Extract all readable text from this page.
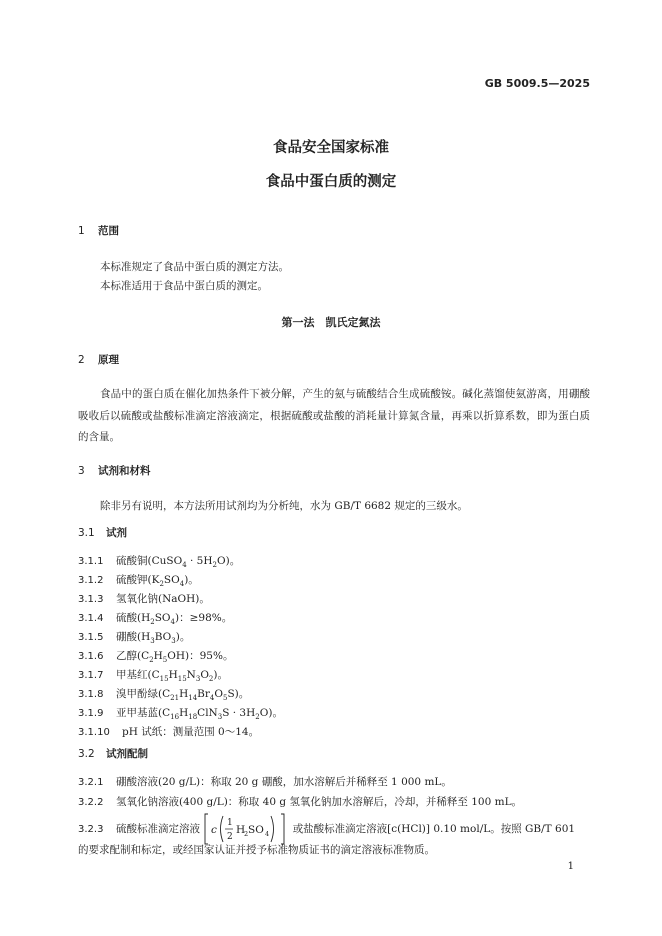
GB 5009.5—2025
食品安全国家标准
食品中蛋白质的测定
1 范围
本标准规定了食品中蛋白质的测定方法。
本标准适用于食品中蛋白质的测定。
第一法　凯氏定氮法
2 原理
食品中的蛋白质在催化加热条件下被分解，产生的氨与硫酸结合生成硫酸铵。碱化蒸馏使氨游离，用硼酸吸收后以硫酸或盐酸标准滴定溶液滴定，根据硫酸或盐酸的消耗量计算氮含量，再乘以折算系数，即为蛋白质的含量。
3 试剂和材料
除非另有说明，本方法所用试剂均为分析纯，水为 GB/T 6682 规定的三级水。
3.1 试剂
3.1.1 硫酸铜(CuSO$_4$ · $5H_2O$)。
3.1.2 硫酸钾$(K_2SO_4)$。
3.1.3 氢氧化钠(NaOH)。
3.1.4 硫酸$(H_2SO_4)$：≥98%。
3.1.5 硼酸$(H_3BO_3)$。
3.1.6 乙醇$(C_2H_5OH)$：95%。
3.1.7 甲基红$(C_{15}H_{15}N_3O_2)$。
3.1.8 溴甲酚绿$(C_{21}H_{14}Br_4O_5S)$。
3.1.9 亚甲基蓝$(C_{16}H_{18}ClN_3S \cdot 3H_2O)$。
3.1.10 pH 试纸：测量范围 0～14。
3.2 试剂配制
3.2.1 硼酸溶液(20 g/L)：称取 20 g 硼酸，加水溶解后并稀释至 1 000 mL。
3.2.2 氢氧化钠溶液(400 g/L)：称取 40 g 氢氧化钠加水溶解后，冷却，并稀释至 100 mL。
3.2.3 硫酸标准滴定溶液 c
1
2
H
2 SO 4 或盐酸标准滴定溶液[c(HCl)] 0.10 mol/L。按照 GB/T 601
的要求配制和标定，或经国家认证并授予标准物质证书的滴定溶液标准物质。
1
